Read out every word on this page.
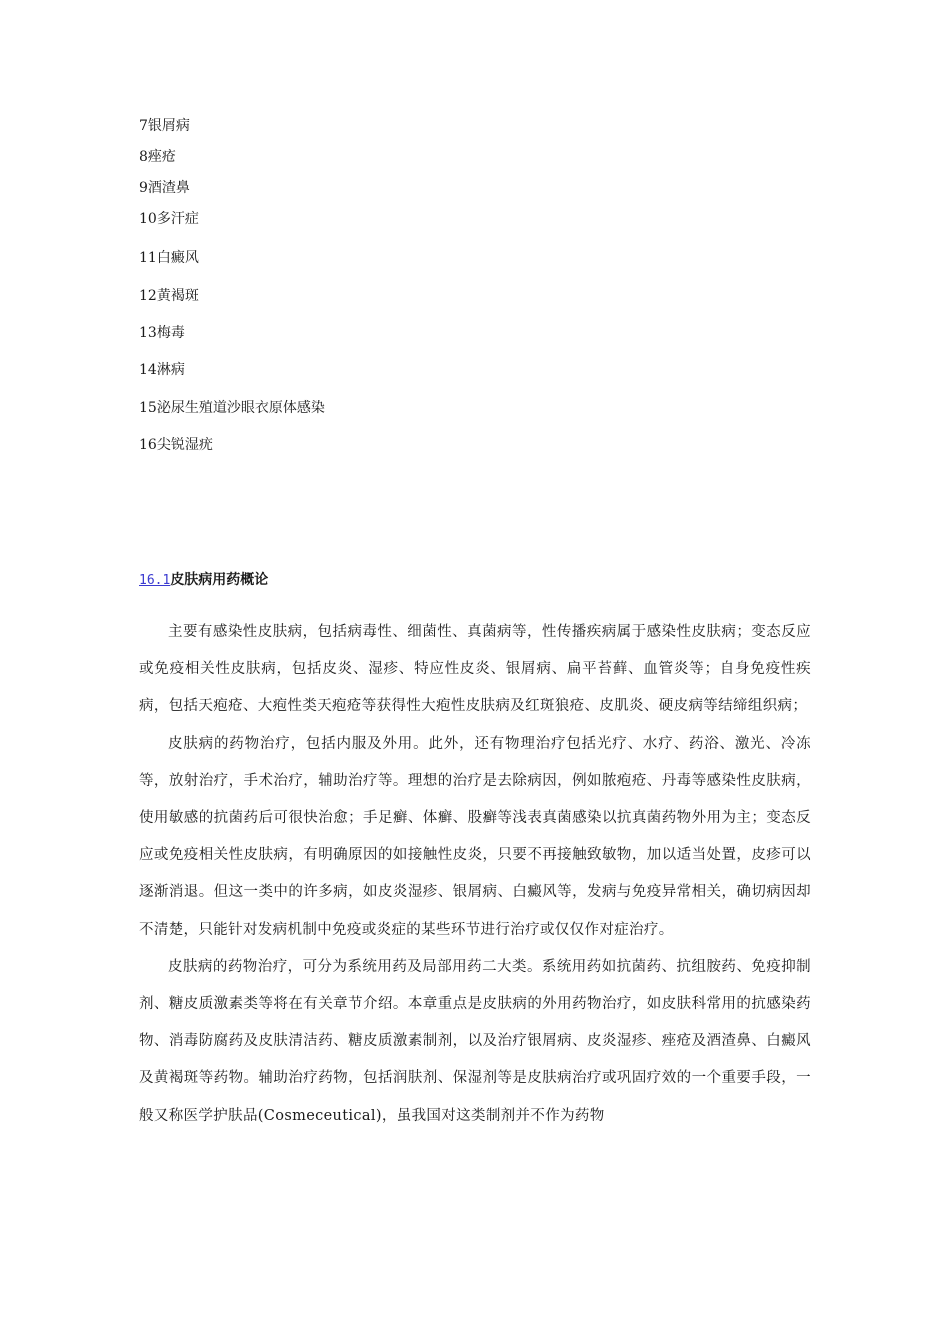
7银屑病
8痤疮
9酒渣鼻
10多汗症
11白癜风
12黄褐斑
13梅毒
14淋病
15泌尿生殖道沙眼衣原体感染
16尖锐湿疣
16.1皮肤病用药概论

主要有感染性皮肤病，包括病毒性、细菌性、真菌病等，性传播疾病属于感染性皮肤病；变态反应或免疫相关性皮肤病，包括皮炎、湿疹、特应性皮炎、银屑病、扁平苔藓、血管炎等；自身免疫性疾病，包括天疱疮、大疱性类天疱疮等获得性大疱性皮肤病及红斑狼疮、皮肌炎、硬皮病等结缔组织病；

皮肤病的药物治疗，包括内服及外用。此外，还有物理治疗包括光疗、水疗、药浴、激光、冷冻等，放射治疗，手术治疗，辅助治疗等。理想的治疗是去除病因，例如脓疱疮、丹毒等感染性皮肤病，使用敏感的抗菌药后可很快治愈；手足癣、体癣、股癣等浅表真菌感染以抗真菌药物外用为主；变态反应或免疫相关性皮肤病，有明确原因的如接触性皮炎，只要不再接触致敏物，加以适当处置，皮疹可以逐渐消退。但这一类中的许多病，如皮炎湿疹、银屑病、白癜风等，发病与免疫异常相关，确切病因却不清楚，只能针对发病机制中免疫或炎症的某些环节进行治疗或仅仅作对症治疗。

皮肤病的药物治疗，可分为系统用药及局部用药二大类。系统用药如抗菌药、抗组胺药、免疫抑制剂、糖皮质激素类等将在有关章节介绍。本章重点是皮肤病的外用药物治疗，如皮肤科常用的抗感染药物、消毒防腐药及皮肤清洁药、糖皮质激素制剂，以及治疗银屑病、皮炎湿疹、痤疮及酒渣鼻、白癜风及黄褐斑等药物。辅助治疗药物，包括润肤剂、保湿剂等是皮肤病治疗或巩固疗效的一个重要手段，一般又称医学护肤品(Cosmeceutical)，虽我国对这类制剂并不作为药物
